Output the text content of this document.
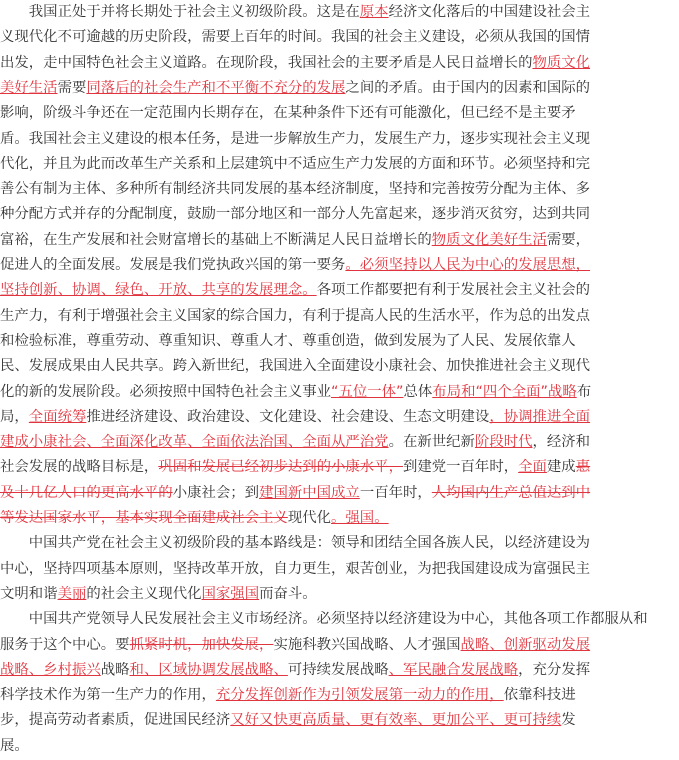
　　我国正处于并将长期处于社会主义初级阶段。这是在原本经济文化落后的中国建设社会主
义现代化不可逾越的历史阶段，需要上百年的时间。我国的社会主义建设，必须从我国的国情
出发，走中国特色社会主义道路。在现阶段，我国社会的主要矛盾是人民日益增长的物质文化
美好生活需要同落后的社会生产和不平衡不充分的发展之间的矛盾。由于国内的因素和国际的
影响，阶级斗争还在一定范围内长期存在，在某种条件下还有可能激化，但已经不是主要矛
盾。我国社会主义建设的根本任务，是进一步解放生产力，发展生产力，逐步实现社会主义现
代化，并且为此而改革生产关系和上层建筑中不适应生产力发展的方面和环节。必须坚持和完
善公有制为主体、多种所有制经济共同发展的基本经济制度，坚持和完善按劳分配为主体、多
种分配方式并存的分配制度，鼓励一部分地区和一部分人先富起来，逐步消灭贫穷，达到共同
富裕，在生产发展和社会财富增长的基础上不断满足人民日益增长的物质文化美好生活需要，
促进人的全面发展。发展是我们党执政兴国的第一要务。必须坚持以人民为中心的发展思想，
坚持创新、协调、绿色、开放、共享的发展理念。各项工作都要把有利于发展社会主义社会的
生产力，有利于增强社会主义国家的综合国力，有利于提高人民的生活水平，作为总的出发点
和检验标准，尊重劳动、尊重知识、尊重人才、尊重创造，做到发展为了人民、发展依靠人
民、发展成果由人民共享。跨入新世纪，我国进入全面建设小康社会、加快推进社会主义现代
化的新的发展阶段。必须按照中国特色社会主义事业“五位一体”总体布局和“四个全面”战略布
局，全面统筹推进经济建设、政治建设、文化建设、社会建设、生态文明建设，协调推进全面
建成小康社会、全面深化改革、全面依法治国、全面从严治党。在新世纪新阶段时代，经济和
社会发展的战略目标是，巩固和发展已经初步达到的小康水平，到建党一百年时，全面建成惠
及十几亿人口的更高水平的小康社会；到建国新中国成立一百年时，人均国内生产总值达到中
等发达国家水平，基本实现全面建成社会主义现代化。强国。
　　中国共产党在社会主义初级阶段的基本路线是：领导和团结全国各族人民，以经济建设为
中心，坚持四项基本原则，坚持改革开放，自力更生，艰苦创业，为把我国建设成为富强民主
文明和谐美丽的社会主义现代化国家强国而奋斗。
　　中国共产党领导人民发展社会主义市场经济。必须坚持以经济建设为中心，其他各项工作都服从和
服务于这个中心。要抓紧时机，加快发展，实施科教兴国战略、人才强国战略、创新驱动发展
战略、乡村振兴战略和、区域协调发展战略、可持续发展战略、军民融合发展战略，充分发挥
科学技术作为第一生产力的作用，充分发挥创新作为引领发展第一动力的作用，依靠科技进
步，提高劳动者素质，促进国民经济又好又快更高质量、更有效率、更加公平、更可持续发
展。
